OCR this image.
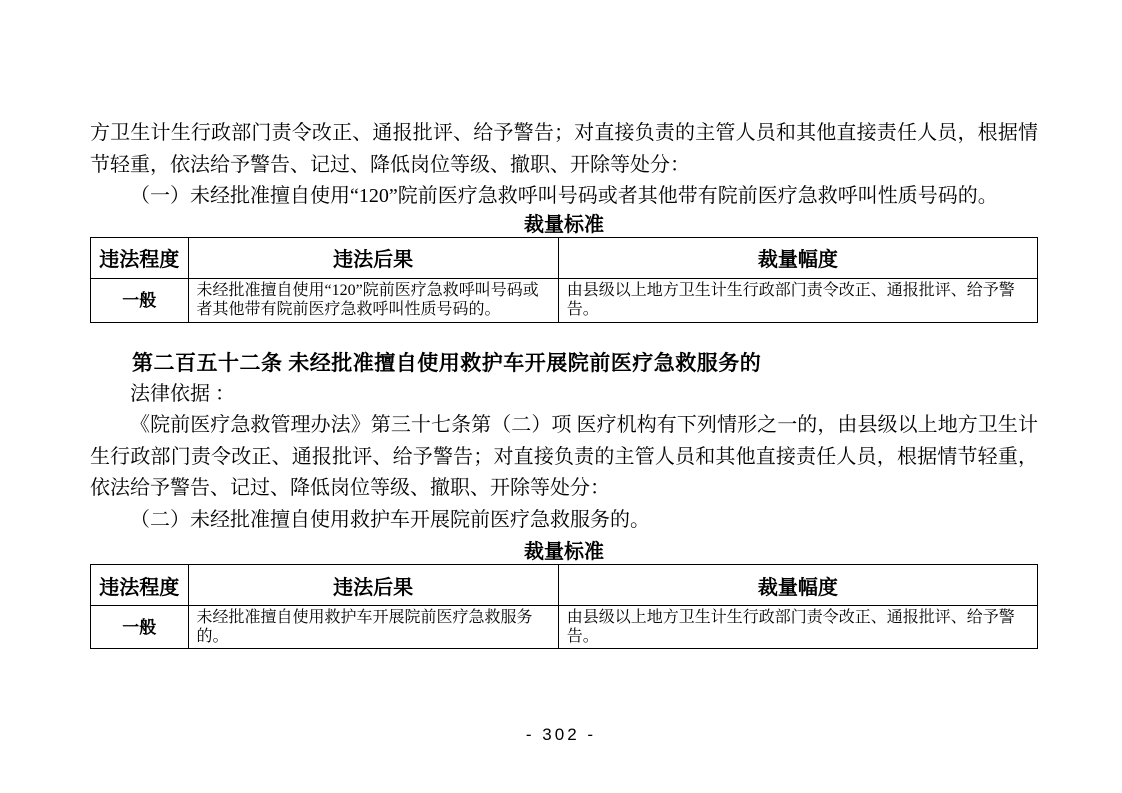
方卫生计生行政部门责令改正、通报批评、给予警告；对直接负责的主管人员和其他直接责任人员，根据情节轻重，依法给予警告、记过、降低岗位等级、撤职、开除等处分：

（一）未经批准擅自使用“120”院前医疗急救呼叫号码或者其他带有院前医疗急救呼叫性质号码的。

裁量标准
违法程度	违法后果	裁量幅度
一般	未经批准擅自使用“120”院前医疗急救呼叫号码或者其他带有院前医疗急救呼叫性质号码的。	由县级以上地方卫生计生行政部门责令改正、通报批评、给予警告。
第二百五十二条 未经批准擅自使用救护车开展院前医疗急救服务的

法律依据 ：

《院前医疗急救管理办法》第三十七条第（二）项 医疗机构有下列情形之一的，由县级以上地方卫生计生行政部门责令改正、通报批评、给予警告；对直接负责的主管人员和其他直接责任人员，根据情节轻重，依法给予警告、记过、降低岗位等级、撤职、开除等处分：

（二）未经批准擅自使用救护车开展院前医疗急救服务的。

裁量标准
违法程度	违法后果	裁量幅度
一般	未经批准擅自使用救护车开展院前医疗急救服务的。	由县级以上地方卫生计生行政部门责令改正、通报批评、给予警告。
- 302 -
